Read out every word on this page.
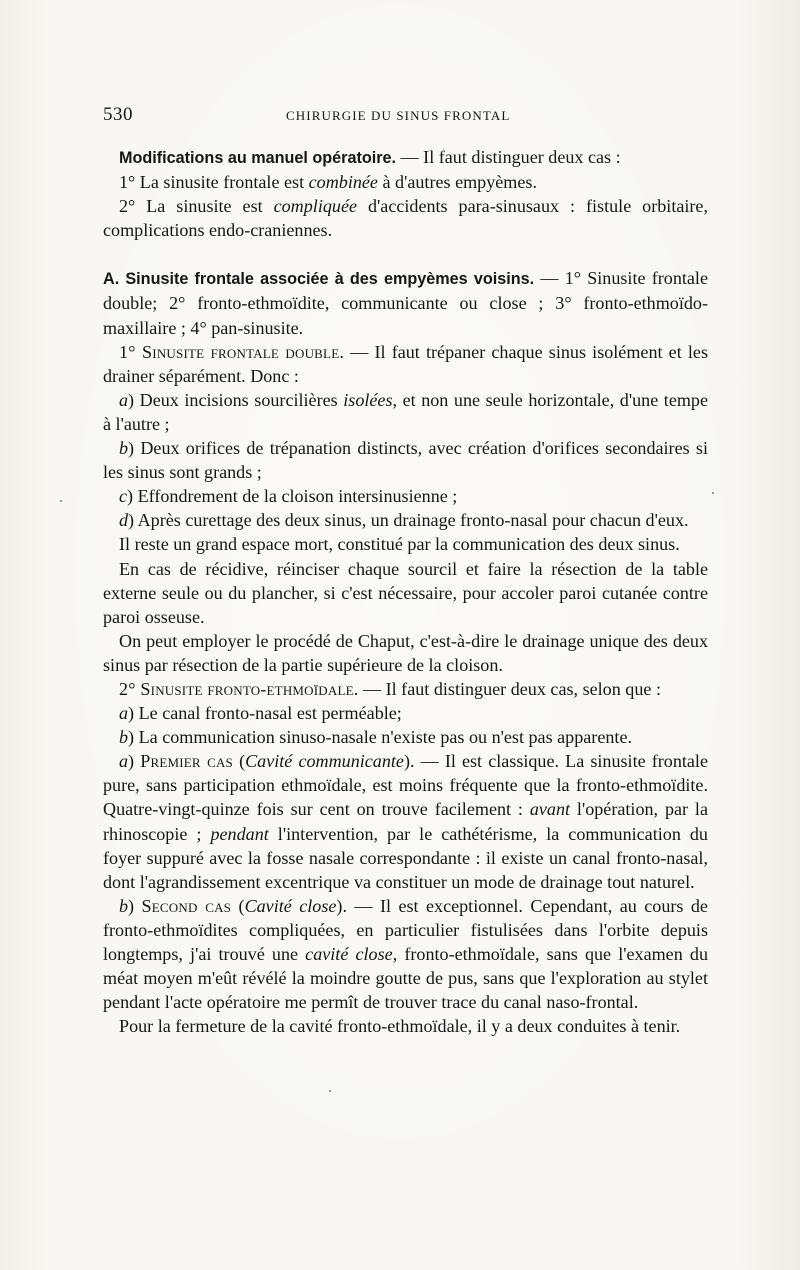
530	CHIRURGIE DU SINUS FRONTAL

Modifications au manuel opératoire. — Il faut distinguer deux cas :

1° La sinusite frontale est combinée à d'autres empyèmes.

2° La sinusite est compliquée d'accidents para-sinusaux : fistule orbitaire, complications endo-craniennes.

A. Sinusite frontale associée à des empyèmes voisins. — 1° Sinusite frontale double; 2° fronto-ethmoïdite, communicante ou close ; 3° fronto-ethmoïdo-maxillaire ; 4° pan-sinusite.

1° Sinusite frontale double. — Il faut trépaner chaque sinus isolément et les drainer séparément. Donc :

a) Deux incisions sourcilières isolées, et non une seule horizontale, d'une tempe à l'autre ;

b) Deux orifices de trépanation distincts, avec création d'orifices secondaires si les sinus sont grands ;

c) Effondrement de la cloison intersinusienne ;

d) Après curettage des deux sinus, un drainage fronto-nasal pour chacun d'eux.

Il reste un grand espace mort, constitué par la communication des deux sinus.

En cas de récidive, réinciser chaque sourcil et faire la résection de la table externe seule ou du plancher, si c'est nécessaire, pour accoler paroi cutanée contre paroi osseuse.

On peut employer le procédé de Chaput, c'est-à-dire le drainage unique des deux sinus par résection de la partie supérieure de la cloison.

2° Sinusite fronto-ethmoïdale. — Il faut distinguer deux cas, selon que :

a) Le canal fronto-nasal est perméable;

b) La communication sinuso-nasale n'existe pas ou n'est pas apparente.

a) Premier cas (Cavité communicante). — Il est classique. La sinusite frontale pure, sans participation ethmoïdale, est moins fréquente que la fronto-ethmoïdite. Quatre-vingt-quinze fois sur cent on trouve facilement : avant l'opération, par la rhinoscopie ; pendant l'intervention, par le cathétérisme, la communication du foyer suppuré avec la fosse nasale correspondante : il existe un canal fronto-nasal, dont l'agrandissement excentrique va constituer un mode de drainage tout naturel.

b) Second cas (Cavité close). — Il est exceptionnel. Cependant, au cours de fronto-ethmoïdites compliquées, en particulier fistulisées dans l'orbite depuis longtemps, j'ai trouvé une cavité close, fronto-ethmoïdale, sans que l'examen du méat moyen m'eût révélé la moindre goutte de pus, sans que l'exploration au stylet pendant l'acte opératoire me permît de trouver trace du canal naso-frontal.

Pour la fermeture de la cavité fronto-ethmoïdale, il y a deux conduites à tenir.
